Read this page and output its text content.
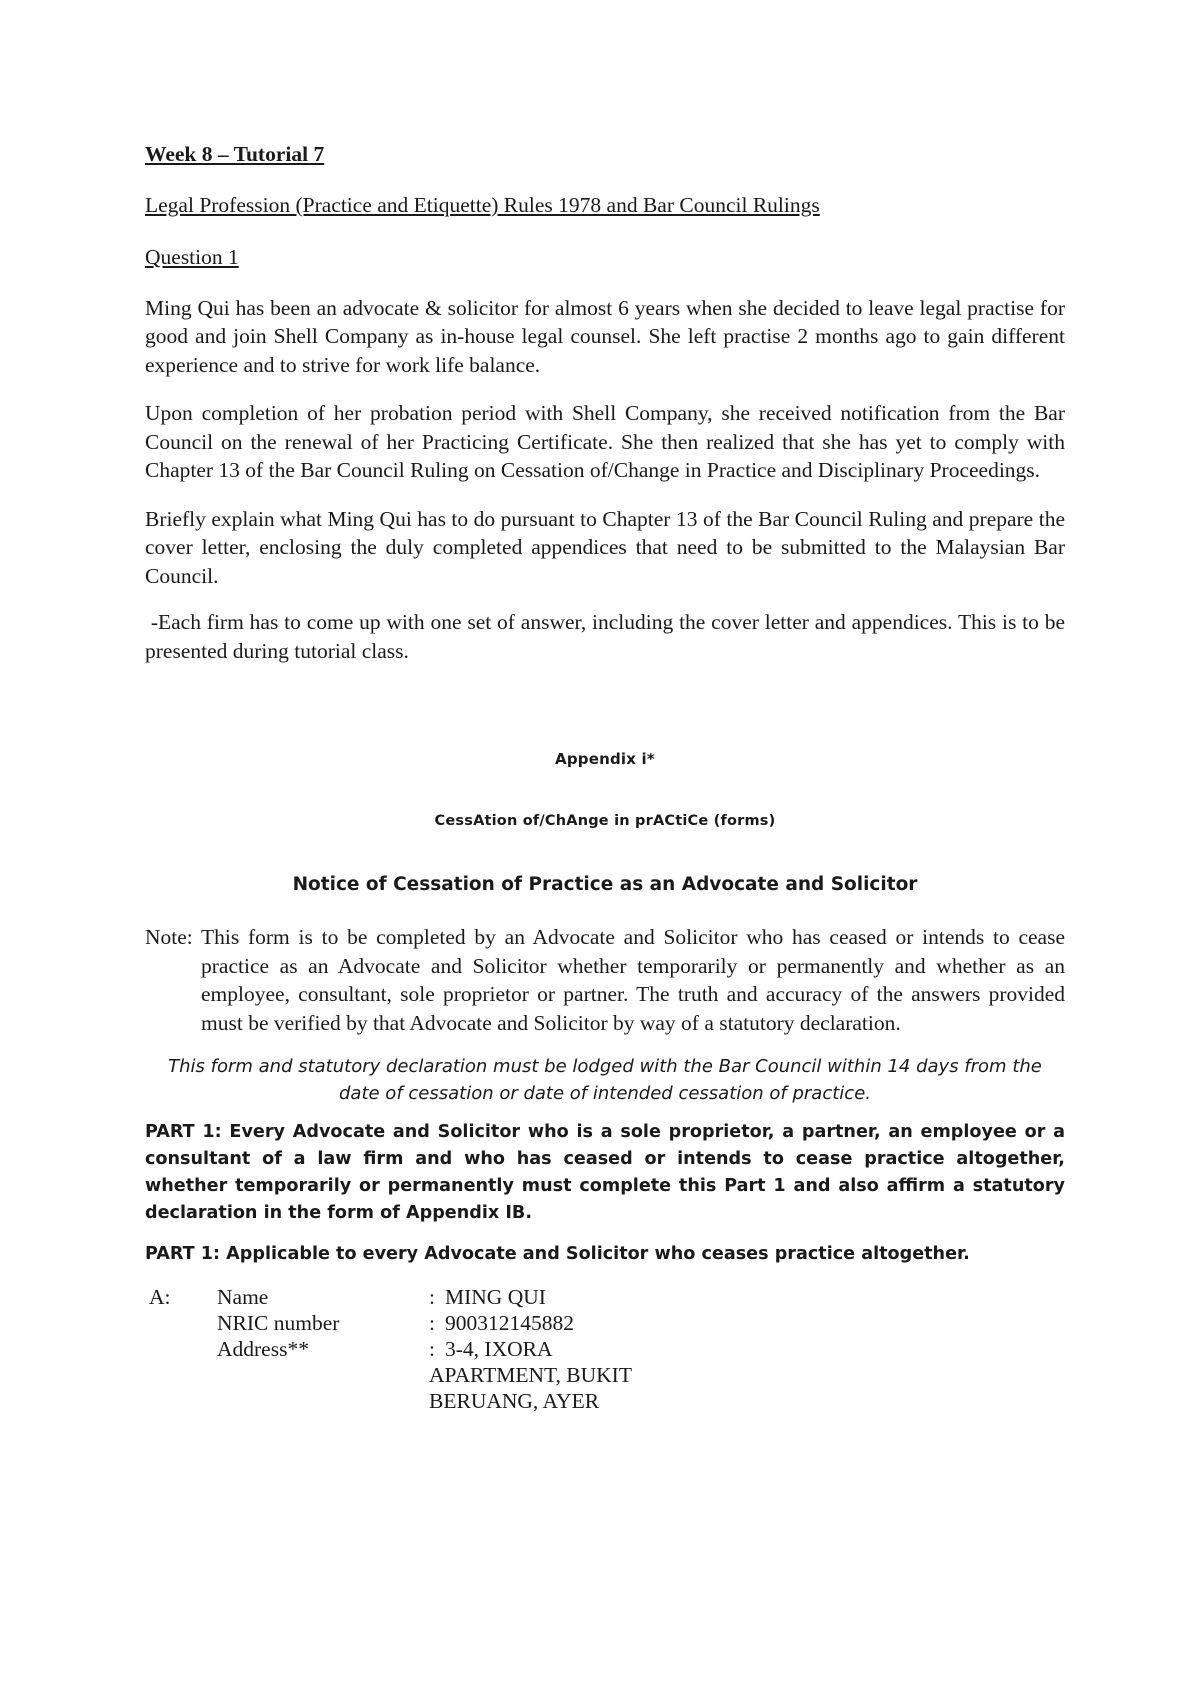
Week 8 – Tutorial 7

Legal Profession (Practice and Etiquette) Rules 1978 and Bar Council Rulings

Question 1

Ming Qui has been an advocate & solicitor for almost 6 years when she decided to leave legal practise for good and join Shell Company as in-house legal counsel. She left practise 2 months ago to gain different experience and to strive for work life balance.

Upon completion of her probation period with Shell Company, she received notification from the Bar Council on the renewal of her Practicing Certificate. She then realized that she has yet to comply with Chapter 13 of the Bar Council Ruling on Cessation of/Change in Practice and Disciplinary Proceedings.

Briefly explain what Ming Qui has to do pursuant to Chapter 13 of the Bar Council Ruling and prepare the cover letter, enclosing the duly completed appendices that need to be submitted to the Malaysian Bar Council.

-Each firm has to come up with one set of answer, including the cover letter and appendices. This is to be presented during tutorial class.

Appendix i*

CessAtion of/ChAnge in prACtiCe (forms)

Notice of Cessation of Practice as an Advocate and Solicitor

Note: This form is to be completed by an Advocate and Solicitor who has ceased or intends to cease practice as an Advocate and Solicitor whether temporarily or permanently and whether as an employee, consultant, sole proprietor or partner. The truth and accuracy of the answers provided must be verified by that Advocate and Solicitor by way of a statutory declaration.

This form and statutory declaration must be lodged with the Bar Council within 14 days from the date of cessation or date of intended cessation of practice.

PART 1: Every Advocate and Solicitor who is a sole proprietor, a partner, an employee or a consultant of a law firm and who has ceased or intends to cease practice altogether, whether temporarily or permanently must complete this Part 1 and also affirm a statutory declaration in the form of Appendix IB.

PART 1: Applicable to every Advocate and Solicitor who ceases practice altogether.

A:	Name	: MING QUI
NRIC number	: 900312145882
Address**	: 3-4, IXORA
APARTMENT, BUKIT
BERUANG, AYER
